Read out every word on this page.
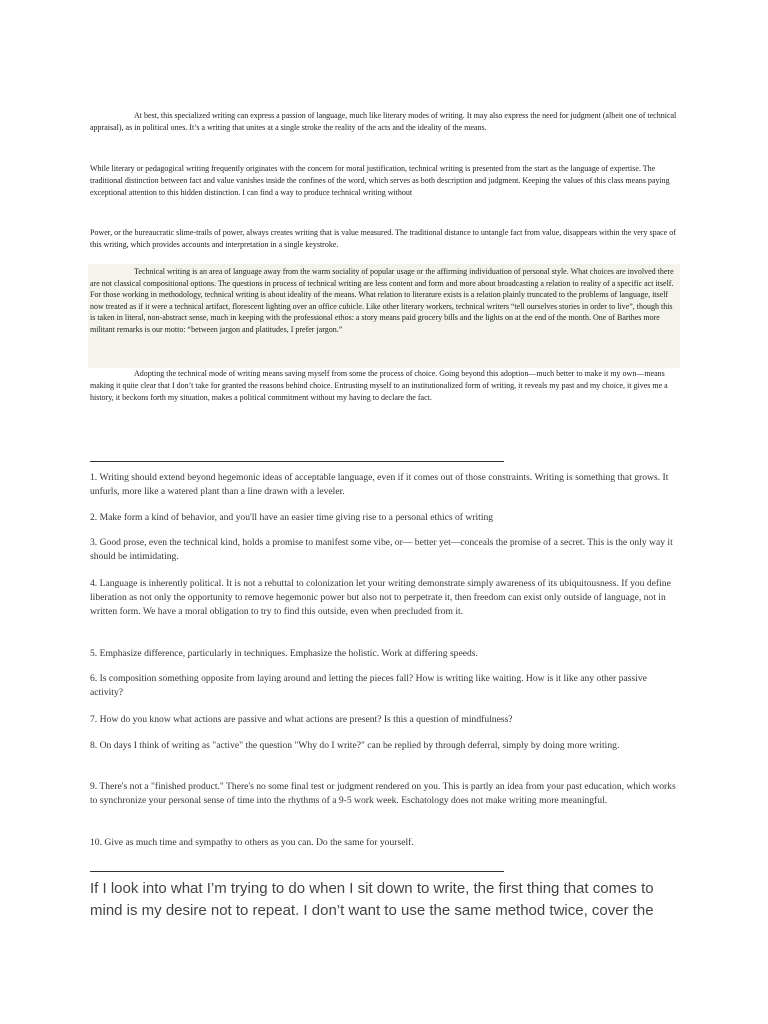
At best, this specialized writing can express a passion of language, much like literary modes of writing. It may also express the need for judgment (albeit one of technical appraisal), as in political ones. It’s a writing that unites at a single stroke the reality of the acts and the ideality of the means.

While literary or pedagogical writing frequently originates with the concern for moral justification, technical writing is presented from the start as the language of expertise. The traditional distinction between fact and value vanishes inside the confines of the word, which serves as both description and judgment. Keeping the values of this class means paying exceptional attention to this hidden distinction. I can find a way to produce technical writing without

Power, or the bureaucratic slime-trails of power, always creates writing that is value measured. The traditional distance to untangle fact from value, disappears within the very space of this writing, which provides accounts and interpretation in a single keystroke.

Technical writing is an area of language away from the warm sociality of popular usage or the affirming individuation of personal style. What choices are involved there are not classical compositional options. The questions in process of technical writing are less content and form and more about broadcasting a relation to reality of a specific act itself. For those working in methodology, technical writing is about ideality of the means. What relation to literature exists is a relation plainly truncated to the problems of language, itself now treated as if it were a technical artifact, florescent lighting over an office cubicle. Like other literary workers, technical writers “tell ourselves stories in order to live”, though this is taken in literal, non-abstract sense, much in keeping with the professional ethos: a story means paid grocery bills and the lights on at the end of the month. One of Barthes more militant remarks is our motto: “between jargon and platitudes, I prefer jargon.”

Adopting the technical mode of writing means saving myself from some the process of choice. Going beyond this adoption—much better to make it my own—means making it quite clear that I don’t take for granted the reasons behind choice. Entrusting myself to an institutionalized form of writing, it reveals my past and my choice, it gives me a history, it beckons forth my situation, makes a political commitment without my having to declare the fact.

1. Writing should extend beyond hegemonic ideas of acceptable language, even if it comes out of those constraints. Writing is something that grows. It unfurls, more like a watered plant than a line drawn with a leveler.

2. Make form a kind of behavior, and you'll have an easier time giving rise to a personal ethics of writing

3. Good prose, even the technical kind, holds a promise to manifest some vibe, or— better yet—conceals the promise of a secret. This is the only way it should be intimidating.

4. Language is inherently political. It is not a rebuttal to colonization let your writing demonstrate simply awareness of its ubiquitousness. If you define liberation as not only the opportunity to remove hegemonic power but also not to perpetrate it, then freedom can exist only outside of language, not in written form. We have a moral obligation to try to find this outside, even when precluded from it.

5. Emphasize difference, particularly in techniques. Emphasize the holistic. Work at differing speeds.

6. Is composition something opposite from laying around and letting the pieces fall? How is writing like waiting. How is it like any other passive activity?

7. How do you know what actions are passive and what actions are present? Is this a question of mindfulness?

8. On days I think of writing as "active" the question "Why do I write?" can be replied by through deferral, simply by doing more writing.

9. There's not a "finished product." There's no some final test or judgment rendered on you. This is partly an idea from your past education, which works to synchronize your personal sense of time into the rhythms of a 9-5 work week. Eschatology does not make writing more meaningful.

10. Give as much time and sympathy to others as you can. Do the same for yourself.

If I look into what I’m trying to do when I sit down to write, the first thing that comes to mind is my desire not to repeat. I don’t want to use the same method twice, cover the
